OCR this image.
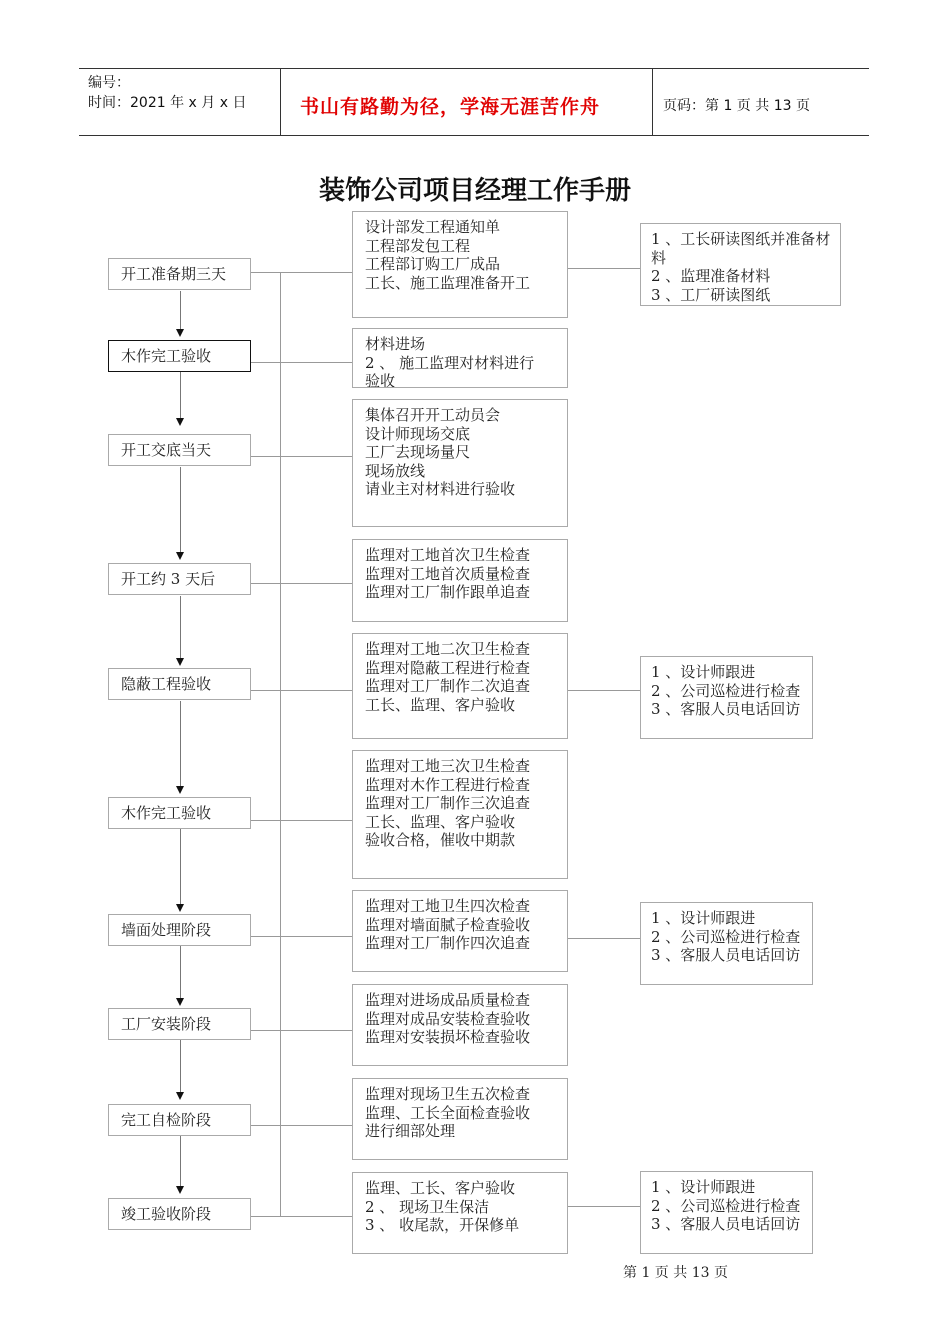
编号：
时间：2021 年 x 月 x 日	书山有路勤为径，学海无涯苦作舟	页码：第 1 页 共 13 页
装饰公司项目经理工作手册
开工准备期三天
木作完工验收
开工交底当天
开工约 3 天后
隐蔽工程验收
木作完工验收
墙面处理阶段
工厂安装阶段
完工自检阶段
竣工验收阶段
设计部发工程通知单
工程部发包工程
工程部订购工厂成品
工长、施工监理准备开工
材料进场
2 、 施工监理对材料进行
验收
集体召开开工动员会
设计师现场交底
工厂去现场量尺
现场放线
请业主对材料进行验收
监理对工地首次卫生检查
监理对工地首次质量检查
监理对工厂制作跟单追查
监理对工地二次卫生检查
监理对隐蔽工程进行检查
监理对工厂制作二次追查
工长、监理、客户验收
监理对工地三次卫生检查
监理对木作工程进行检查
监理对工厂制作三次追查
工长、监理、客户验收
验收合格，催收中期款
监理对工地卫生四次检查
监理对墙面腻子检查验收
监理对工厂制作四次追查
监理对进场成品质量检查
监理对成品安装检查验收
监理对安装损坏检查验收
监理对现场卫生五次检查
监理、工长全面检查验收
进行细部处理
监理、工长、客户验收
2 、 现场卫生保洁
3 、 收尾款，开保修单
1 、工长研读图纸并准备材料
2 、监理准备材料
3 、工厂研读图纸
1 、设计师跟进
2 、公司巡检进行检查
3 、客服人员电话回访
1 、设计师跟进
2 、公司巡检进行检查
3 、客服人员电话回访
1 、设计师跟进
2 、公司巡检进行检查
3 、客服人员电话回访
第 1 页 共 13 页
